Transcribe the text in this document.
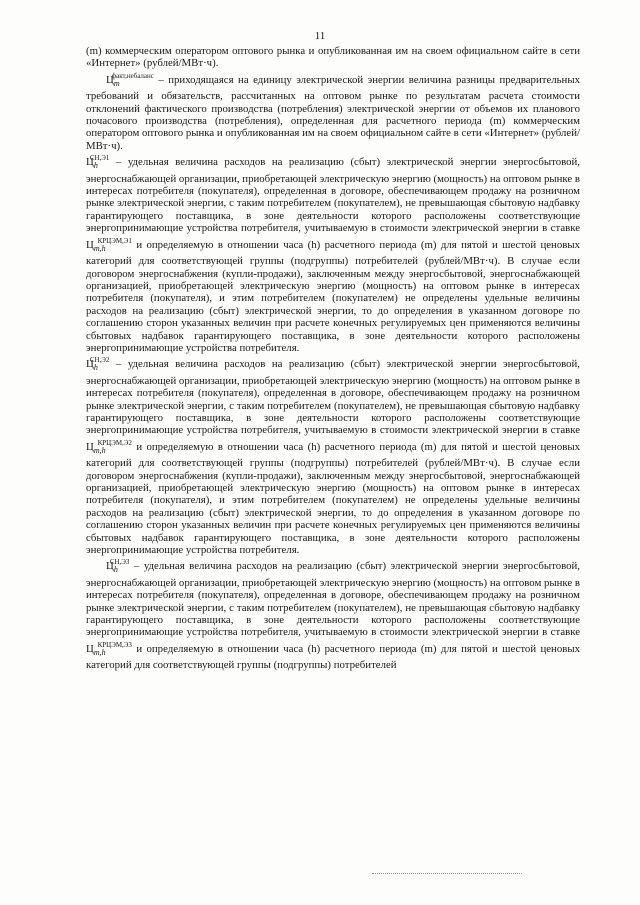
11

(m) коммерческим оператором оптового рынка и опубликованная им на своем официальном сайте в сети «Интернет» (рублей/МВт·ч).

$Ц_m^{факт,небаланс}$ – приходящаяся на единицу электрической энергии величина разницы предварительных требований и обязательств, рассчитанных на оптовом рынке по результатам расчета стоимости отклонений фактического производства (потребления) электрической энергии от объемов их планового почасового производства (потребления), определенная для расчетного периода (m) коммерческим оператором оптового рынка и опубликованная им на своем официальном сайте в сети «Интернет» (рублей/МВт·ч).

$Ц_h^{СН,Э1}$ – удельная величина расходов на реализацию (сбыт) электрической энергии энергосбытовой, энергоснабжающей организации, приобретающей электрическую энергию (мощность) на оптовом рынке в интересах потребителя (покупателя), определенная в договоре, обеспечивающем продажу на розничном рынке электрической энергии, с таким потребителем (покупателем), не превышающая сбытовую надбавку гарантирующего поставщика, в зоне деятельности которого расположены соответствующие энергопринимающие устройства потребителя, учитываемую в стоимости электрической энергии в ставке $Ц_{m,h}^{КРЦЭМ,Э1}$ и определяемую в отношении часа (h) расчетного периода (m) для пятой и шестой ценовых категорий для соответствующей группы (подгруппы) потребителей (рублей/МВт·ч). В случае если договором энергоснабжения (купли-продажи), заключенным между энергосбытовой, энергоснабжающей организацией, приобретающей электрическую энергию (мощность) на оптовом рынке в интересах потребителя (покупателя), и этим потребителем (покупателем) не определены удельные величины расходов на реализацию (сбыт) электрической энергии, то до определения в указанном договоре по соглашению сторон указанных величин при расчете конечных регулируемых цен применяются величины сбытовых надбавок гарантирующего поставщика, в зоне деятельности которого расположены энергопринимающие устройства потребителя.

$Ц_h^{СН,Э2}$ – удельная величина расходов на реализацию (сбыт) электрической энергии энергосбытовой, энергоснабжающей организации, приобретающей электрическую энергию (мощность) на оптовом рынке в интересах потребителя (покупателя), определенная в договоре, обеспечивающем продажу на розничном рынке электрической энергии, с таким потребителем (покупателем), не превышающая сбытовую надбавку гарантирующего поставщика, в зоне деятельности которого расположены соответствующие энергопринимающие устройства потребителя, учитываемую в стоимости электрической энергии в ставке $Ц_{m,h}^{КРЦЭМ,Э2}$ и определяемую в отношении часа (h) расчетного периода (m) для пятой и шестой ценовых категорий для соответствующей группы (подгруппы) потребителей (рублей/МВт·ч). В случае если договором энергоснабжения (купли-продажи), заключенным между энергосбытовой, энергоснабжающей организацией, приобретающей электрическую энергию (мощность) на оптовом рынке в интересах потребителя (покупателя), и этим потребителем (покупателем) не определены удельные величины расходов на реализацию (сбыт) электрической энергии, то до определения в указанном договоре по соглашению сторон указанных величин при расчете конечных регулируемых цен применяются величины сбытовых надбавок гарантирующего поставщика, в зоне деятельности которого расположены энергопринимающие устройства потребителя.

$Ц_h^{СН,Э3}$ – удельная величина расходов на реализацию (сбыт) электрической энергии энергосбытовой, энергоснабжающей организации, приобретающей электрическую энергию (мощность) на оптовом рынке в интересах потребителя (покупателя), определенная в договоре, обеспечивающем продажу на розничном рынке электрической энергии, с таким потребителем (покупателем), не превышающая сбытовую надбавку гарантирующего поставщика, в зоне деятельности которого расположены соответствующие энергопринимающие устройства потребителя, учитываемую в стоимости электрической энергии в ставке $Ц_{m,h}^{КРЦЭМ,Э3}$ и определяемую в отношении часа (h) расчетного периода (m) для пятой и шестой ценовых категорий для соответствующей группы (подгруппы) потребителей
